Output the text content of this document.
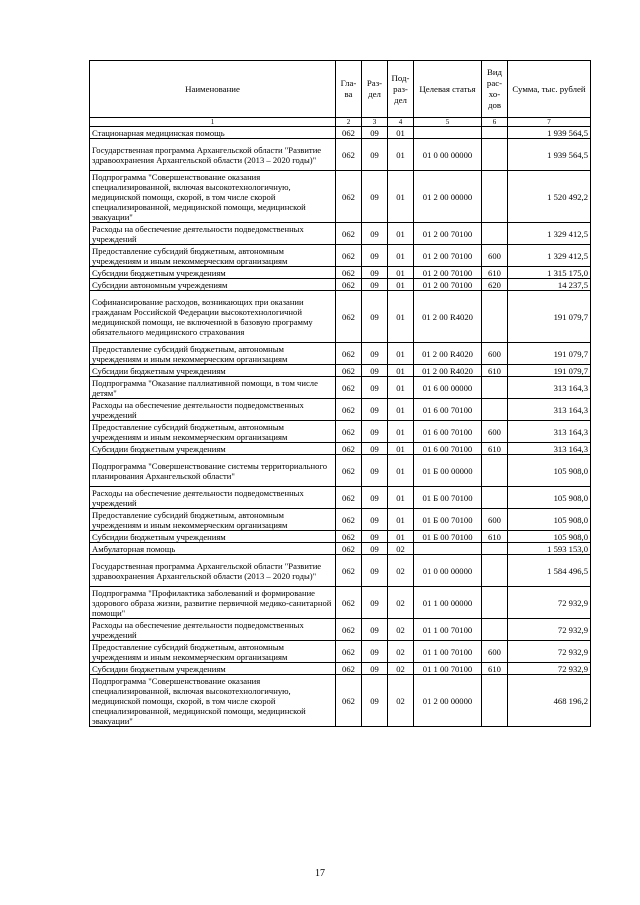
Наименование	Гла-ва	Раз-дел	Под-раз-дел	Целевая статья	Вид рас-хо-дов	Сумма, тыс. рублей
1	2	3	4	5	6	7
Стационарная медицинская помощь	062	09	01			1 939 564,5
Государственная программа Архангельской области "Развитие здравоохранения Архангельской области (2013 – 2020 годы)"	062	09	01	01 0 00 00000		1 939 564,5
Подпрограмма "Совершенствование оказания специализированной, включая высокотехнологичную, медицинской помощи, скорой, в том числе скорой специализированной, медицинской помощи, медицинской эвакуации"	062	09	01	01 2 00 00000		1 520 492,2
Расходы на обеспечение деятельности подведомственных учреждений	062	09	01	01 2 00 70100		1 329 412,5
Предоставление субсидий бюджетным, автономным учреждениям и иным некоммерческим организациям	062	09	01	01 2 00 70100	600	1 329 412,5
Субсидии бюджетным учреждениям	062	09	01	01 2 00 70100	610	1 315 175,0
Субсидии автономным учреждениям	062	09	01	01 2 00 70100	620	14 237,5
Софинансирование расходов, возникающих при оказании гражданам Российской Федерации высокотехнологичной медицинской помощи, не включенной в базовую программу обязательного медицинского страхования	062	09	01	01 2 00 R4020		191 079,7
Предоставление субсидий бюджетным, автономным учреждениям и иным некоммерческим организациям	062	09	01	01 2 00 R4020	600	191 079,7
Субсидии бюджетным учреждениям	062	09	01	01 2 00 R4020	610	191 079,7
Подпрограмма "Оказание паллиативной помощи, в том числе детям"	062	09	01	01 6 00 00000		313 164,3
Расходы на обеспечение деятельности подведомственных учреждений	062	09	01	01 6 00 70100		313 164,3
Предоставление субсидий бюджетным, автономным учреждениям и иным некоммерческим организациям	062	09	01	01 6 00 70100	600	313 164,3
Субсидии бюджетным учреждениям	062	09	01	01 6 00 70100	610	313 164,3
Подпрограмма "Совершенствование системы территориального планирования Архангельской области"	062	09	01	01 Б 00 00000		105 908,0
Расходы на обеспечение деятельности подведомственных учреждений	062	09	01	01 Б 00 70100		105 908,0
Предоставление субсидий бюджетным, автономным учреждениям и иным некоммерческим организациям	062	09	01	01 Б 00 70100	600	105 908,0
Субсидии бюджетным учреждениям	062	09	01	01 Б 00 70100	610	105 908,0
Амбулаторная помощь	062	09	02			1 593 153,0
Государственная программа Архангельской области "Развитие здравоохранения Архангельской области (2013 – 2020 годы)"	062	09	02	01 0 00 00000		1 584 496,5
Подпрограмма "Профилактика заболеваний и формирование здорового образа жизни, развитие первичной медико-санитарной помощи"	062	09	02	01 1 00 00000		72 932,9
Расходы на обеспечение деятельности подведомственных учреждений	062	09	02	01 1 00 70100		72 932,9
Предоставление субсидий бюджетным, автономным учреждениям и иным некоммерческим организациям	062	09	02	01 1 00 70100	600	72 932,9
Субсидии бюджетным учреждениям	062	09	02	01 1 00 70100	610	72 932,9
Подпрограмма "Совершенствование оказания специализированной, включая высокотехнологичную, медицинской помощи, скорой, в том числе скорой специализированной, медицинской помощи, медицинской эвакуации"	062	09	02	01 2 00 00000		468 196,2
17
